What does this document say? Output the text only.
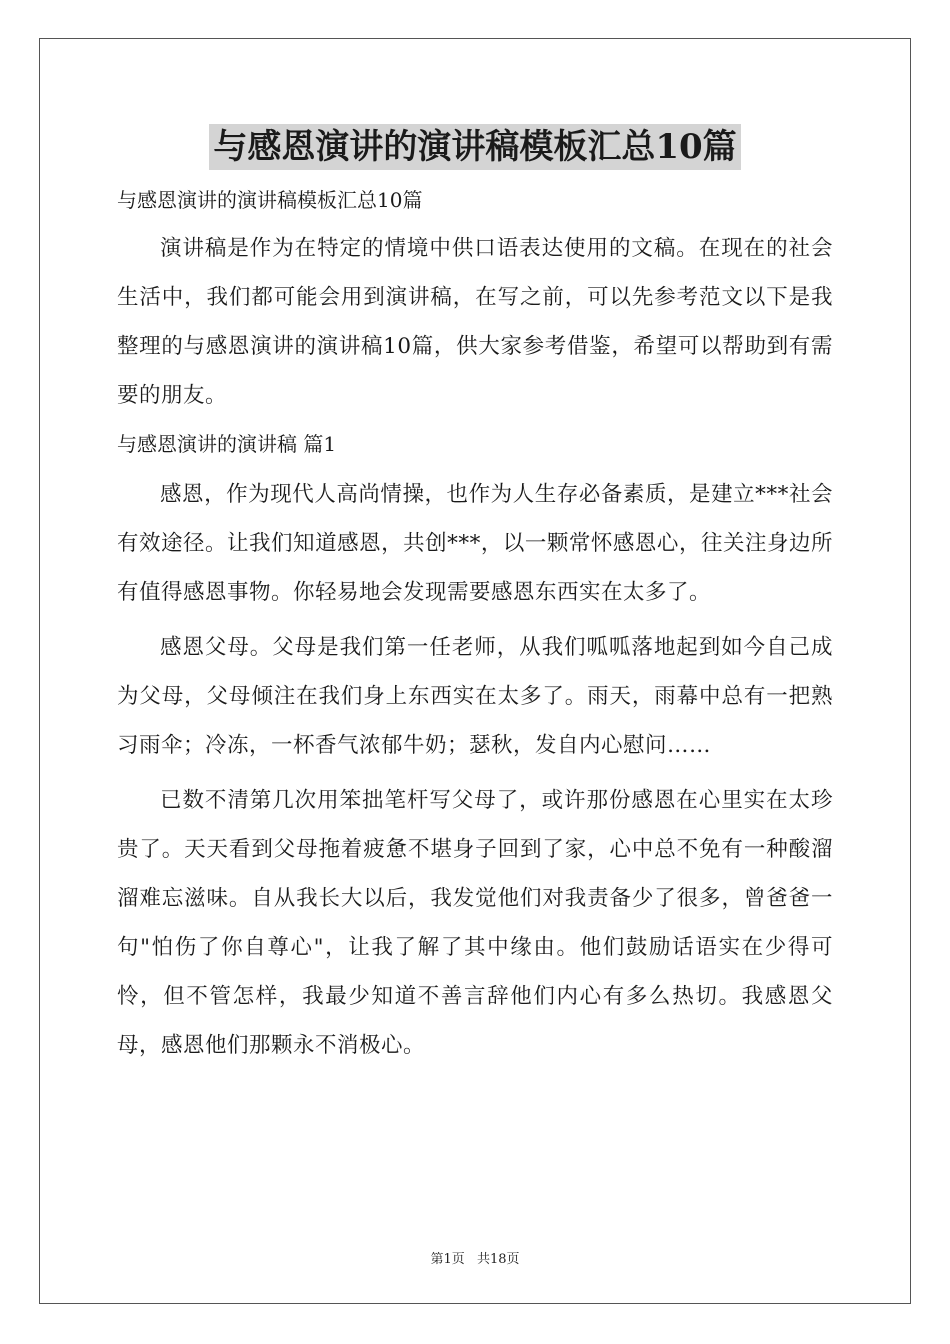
与感恩演讲的演讲稿模板汇总10篇

与感恩演讲的演讲稿模板汇总10篇

演讲稿是作为在特定的情境中供口语表达使用的文稿。在现在的社会生活中，我们都可能会用到演讲稿，在写之前，可以先参考范文以下是我整理的与感恩演讲的演讲稿10篇，供大家参考借鉴，希望可以帮助到有需要的朋友。

与感恩演讲的演讲稿 篇1

感恩，作为现代人高尚情操，也作为人生存必备素质，是建立***社会有效途径。让我们知道感恩，共创***，以一颗常怀感恩心，往关注身边所有值得感恩事物。你轻易地会发现需要感恩东西实在太多了。

感恩父母。父母是我们第一任老师，从我们呱呱落地起到如今自己成为父母，父母倾注在我们身上东西实在太多了。雨天，雨幕中总有一把熟习雨伞；冷冻，一杯香气浓郁牛奶；瑟秋，发自内心慰问……

已数不清第几次用笨拙笔杆写父母了，或许那份感恩在心里实在太珍贵了。天天看到父母拖着疲惫不堪身子回到了家，心中总不免有一种酸溜溜难忘滋味。自从我长大以后，我发觉他们对我责备少了很多，曾爸爸一句"怕伤了你自尊心"，让我了解了其中缘由。他们鼓励话语实在少得可怜，但不管怎样，我最少知道不善言辞他们内心有多么热切。我感恩父母，感恩他们那颗永不消极心。

第1页 共18页
